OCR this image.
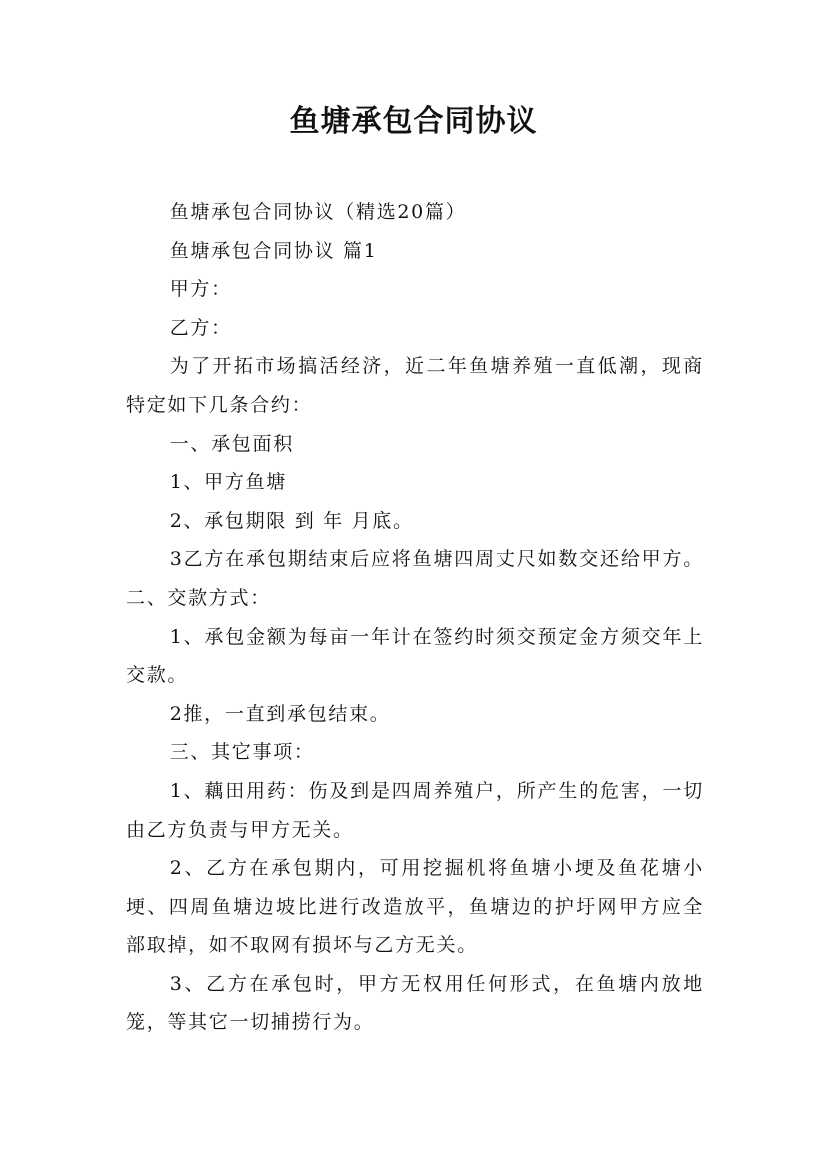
鱼塘承包合同协议

鱼塘承包合同协议（精选20篇）

鱼塘承包合同协议 篇1

甲方：

乙方：

为了开拓市场搞活经济，近二年鱼塘养殖一直低潮，现商特定如下几条合约：

一、承包面积

1、甲方鱼塘

2、承包期限 到 年 月底。

3乙方在承包期结束后应将鱼塘四周丈尺如数交还给甲方。 二、交款方式：

1、承包金额为每亩一年计在签约时须交预定金方须交年上交款。

2推，一直到承包结束。

三、其它事项：

1、藕田用药：伤及到是四周养殖户，所产生的危害，一切由乙方负责与甲方无关。

2、乙方在承包期内，可用挖掘机将鱼塘小埂及鱼花塘小埂、四周鱼塘边坡比进行改造放平，鱼塘边的护圩网甲方应全部取掉，如不取网有损坏与乙方无关。

3、乙方在承包时，甲方无权用任何形式，在鱼塘内放地笼，等其它一切捕捞行为。
